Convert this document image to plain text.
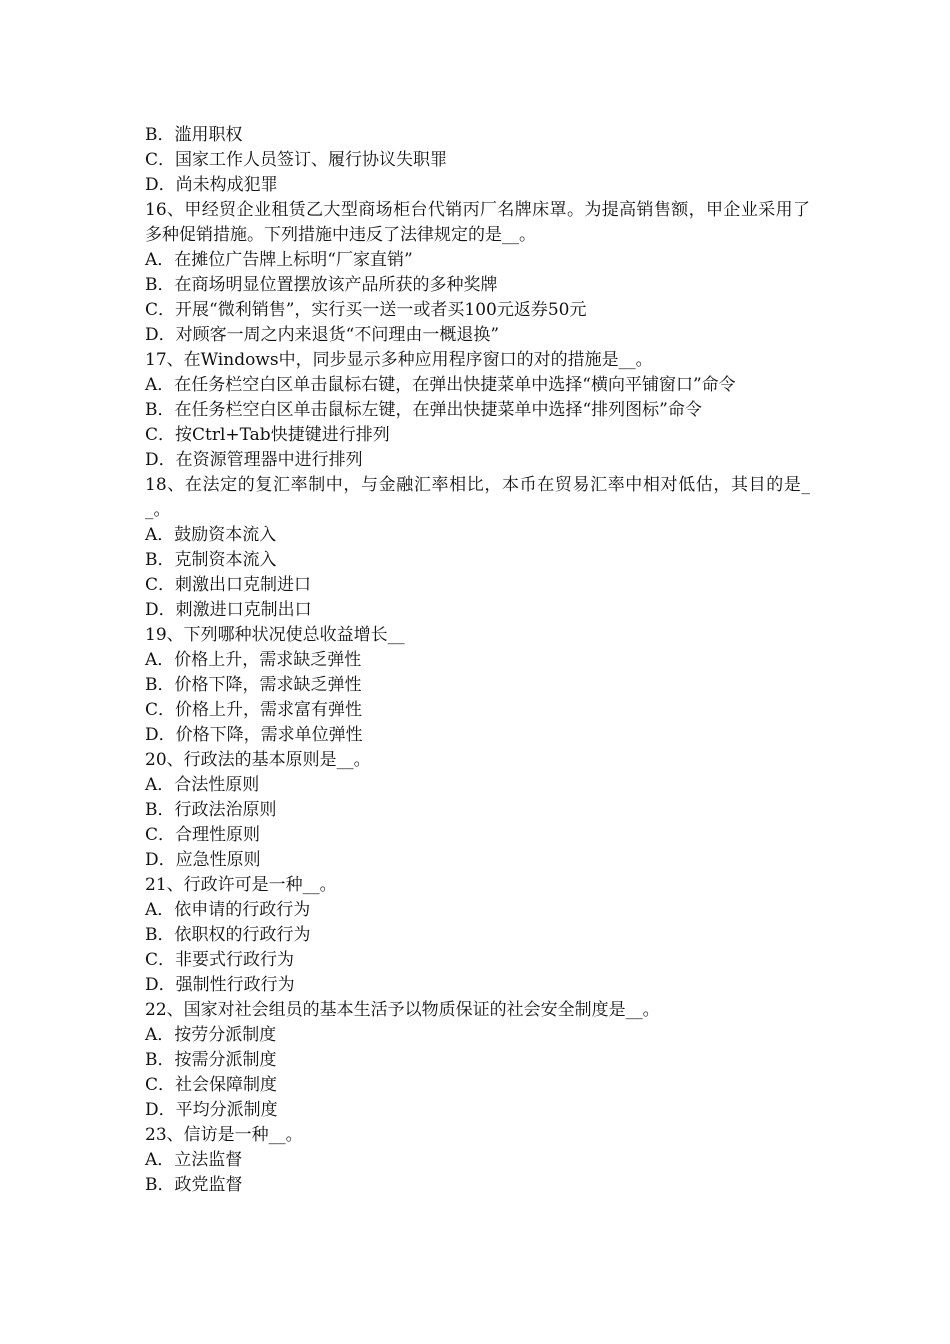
B．滥用职权

C．国家工作人员签订、履行协议失职罪

D．尚未构成犯罪

16、甲经贸企业租赁乙大型商场柜台代销丙厂名牌床罩。为提高销售额，甲企业采用了多种促销措施。下列措施中违反了法律规定的是__。

A．在摊位广告牌上标明“厂家直销”

B．在商场明显位置摆放该产品所获的多种奖牌

C．开展“微利销售”，实行买一送一或者买100元返券50元

D．对顾客一周之内来退货“不问理由一概退换”

17、在Windows中，同步显示多种应用程序窗口的对的措施是__。

A．在任务栏空白区单击鼠标右键，在弹出快捷菜单中选择“横向平铺窗口”命令

B．在任务栏空白区单击鼠标左键，在弹出快捷菜单中选择“排列图标”命令

C．按Ctrl+Tab快捷键进行排列

D．在资源管理器中进行排列

18、在法定的复汇率制中，与金融汇率相比，本币在贸易汇率中相对低估，其目的是__。

A．鼓励资本流入

B．克制资本流入

C．刺激出口克制进口

D．刺激进口克制出口

19、下列哪种状况使总收益增长__

A．价格上升，需求缺乏弹性

B．价格下降，需求缺乏弹性

C．价格上升，需求富有弹性

D．价格下降，需求单位弹性

20、行政法的基本原则是__。

A．合法性原则

B．行政法治原则

C．合理性原则

D．应急性原则

21、行政许可是一种__。

A．依申请的行政行为

B．依职权的行政行为

C．非要式行政行为

D．强制性行政行为

22、国家对社会组员的基本生活予以物质保证的社会安全制度是__。

A．按劳分派制度

B．按需分派制度

C．社会保障制度

D．平均分派制度

23、信访是一种__。

A．立法监督

B．政党监督
